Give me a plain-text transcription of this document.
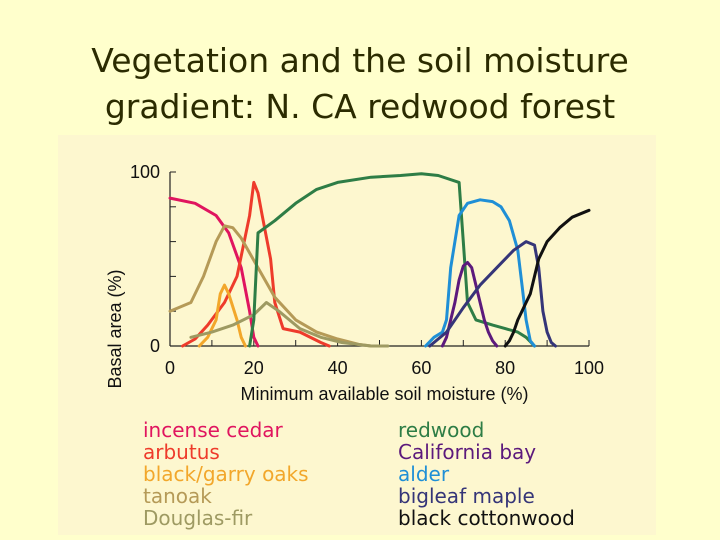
Vegetation and the soil moisture
gradient: N. CA redwood forest
0	20	40	60	80	100
0
100
Minimum available soil moisture (%)
Basal area (%)
incense cedar
arbutus
black/garry oaks
tanoak
Douglas-fir
redwood
California bay
alder
bigleaf maple
black cottonwood
